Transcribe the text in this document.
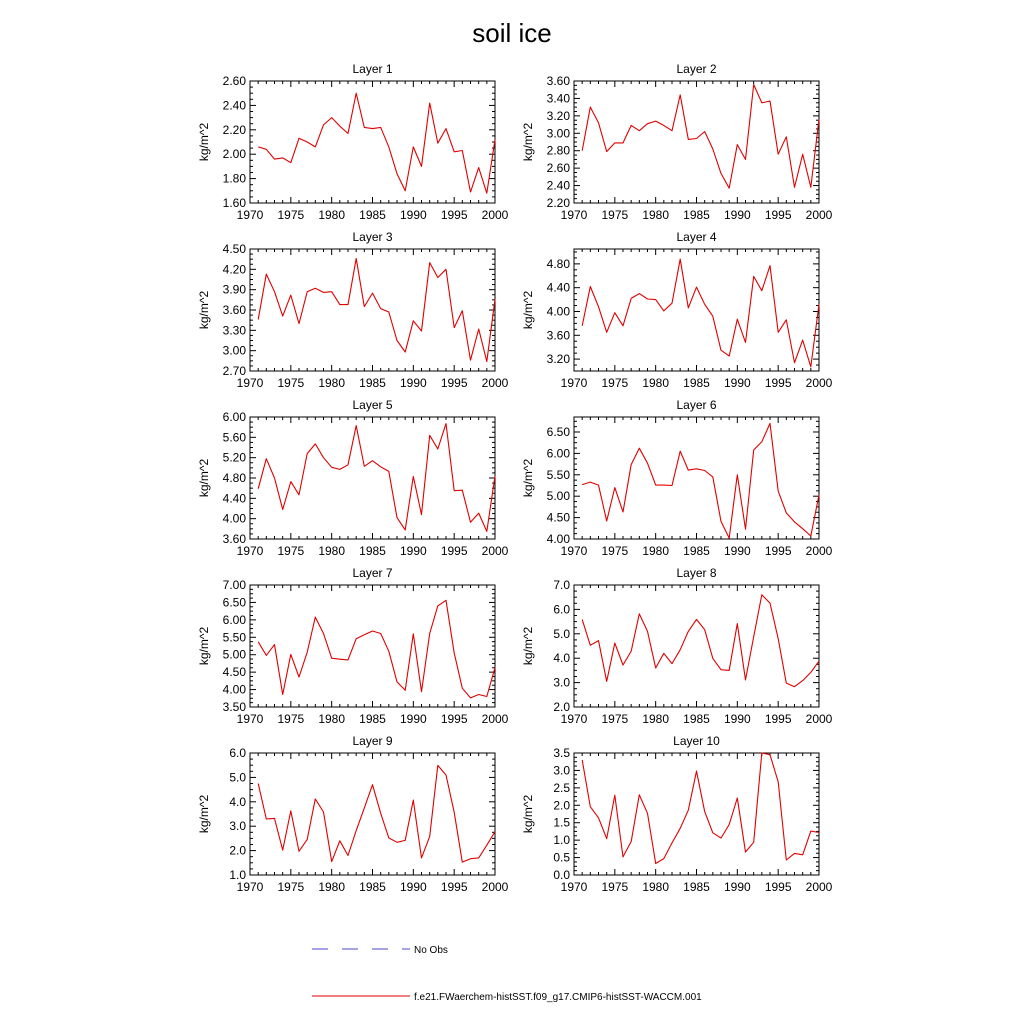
soil ice
Layer 1
1970 1975 1980 1985 1990 1995 2000
1.60
1.80
2.00
2.20
2.40
2.60
kg/m^2
Layer 2
1970 1975 1980 1985 1990 1995 2000
2.20
2.40
2.60
2.80
3.00
3.20
3.40
3.60
kg/m^2
Layer 3
1970 1975 1980 1985 1990 1995 2000
2.70
3.00
3.30
3.60
3.90
4.20
4.50
kg/m^2
Layer 4
1970 1975 1980 1985 1990 1995 2000
3.20
3.60
4.00
4.40
4.80
kg/m^2
Layer 5
1970 1975 1980 1985 1990 1995 2000
3.60
4.00
4.40
4.80
5.20
5.60
6.00
kg/m^2
Layer 6
1970 1975 1980 1985 1990 1995 2000
4.00
4.50
5.00
5.50
6.00
6.50
kg/m^2
Layer 7
1970 1975 1980 1985 1990 1995 2000
3.50
4.00
4.50
5.00
5.50
6.00
6.50
7.00
kg/m^2
Layer 8
1970 1975 1980 1985 1990 1995 2000
2.0
3.0
4.0
5.0
6.0
7.0
kg/m^2
Layer 9
1970 1975 1980 1985 1990 1995 2000
1.0
2.0
3.0
4.0
5.0
6.0
kg/m^2
Layer 10
1970 1975 1980 1985 1990 1995 2000
0.0
0.5
1.0
1.5
2.0
2.5
3.0
3.5
kg/m^2
No Obs
f.e21.FWaerchem-histSST.f09_g17.CMIP6-histSST-WACCM.001
